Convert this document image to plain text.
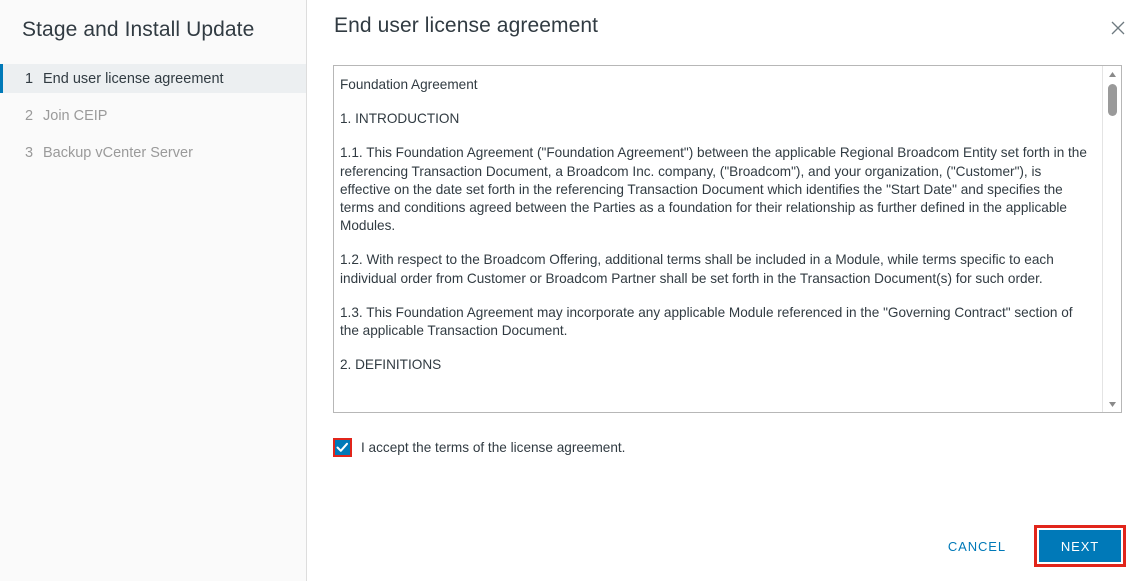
Stage and Install Update
1 End user license agreement
2 Join CEIP
3 Backup vCenter Server
End user license agreement

Foundation Agreement

1. INTRODUCTION

1.1. This Foundation Agreement ("Foundation Agreement") between the applicable Regional Broadcom Entity set forth in the referencing Transaction Document, a Broadcom Inc. company, ("Broadcom"), and your organization, ("Customer"), is effective on the date set forth in the referencing Transaction Document which identifies the "Start Date" and specifies the terms and conditions agreed between the Parties as a foundation for their relationship as further defined in the applicable Modules.

1.2. With respect to the Broadcom Offering, additional terms shall be included in a Module, while terms specific to each individual order from Customer or Broadcom Partner shall be set forth in the Transaction Document(s) for such order.

1.3. This Foundation Agreement may incorporate any applicable Module referenced in the "Governing Contract" section of the applicable Transaction Document.

2. DEFINITIONS

I accept the terms of the license agreement.
CANCEL	NEXT
